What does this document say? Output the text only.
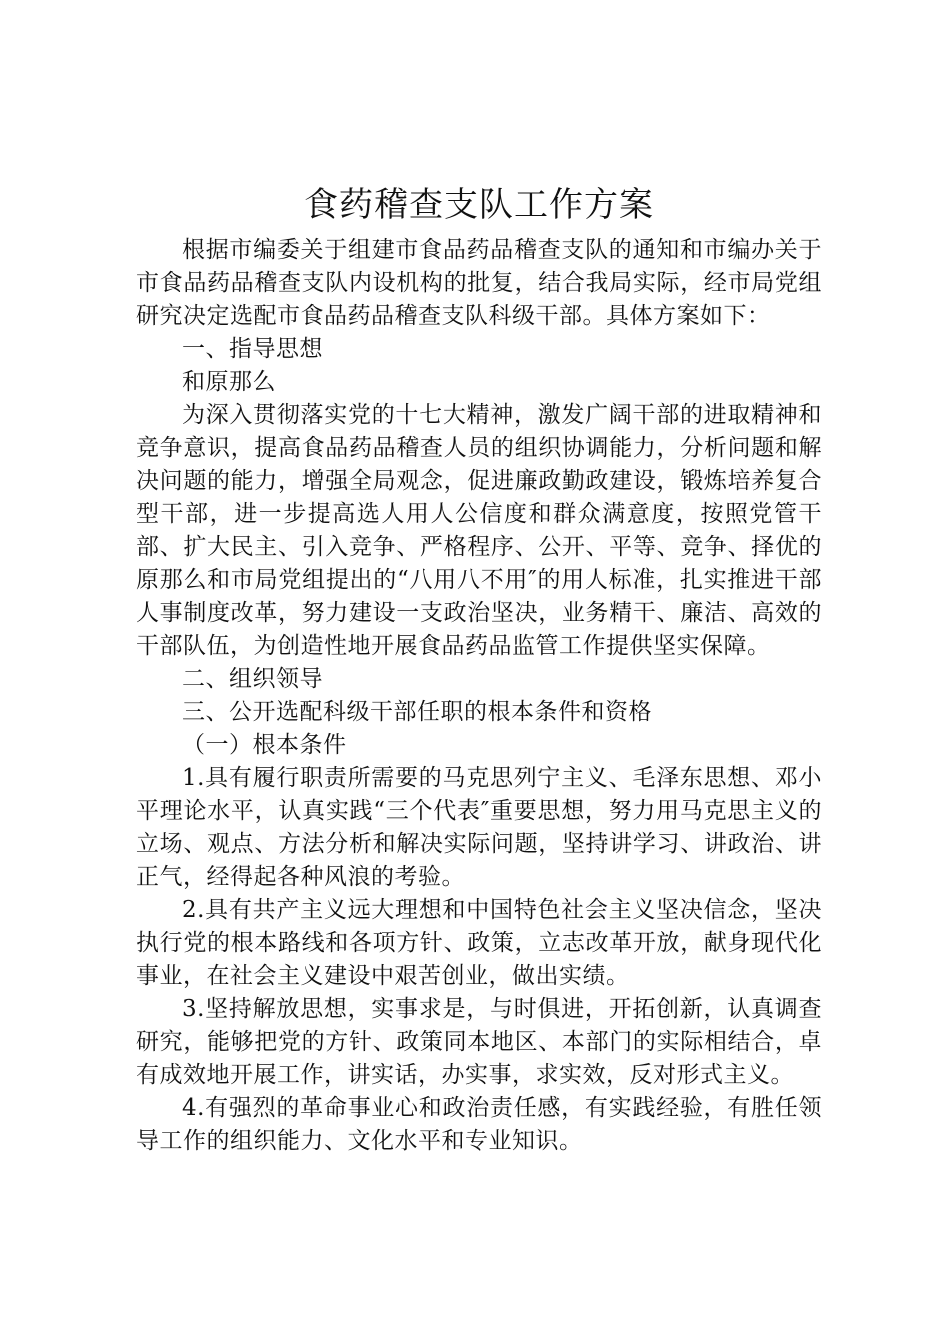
食药稽查支队工作方案

根据市编委关于组建市食品药品稽查支队的通知和市编办关于市食品药品稽查支队内设机构的批复，结合我局实际，经市局党组研究决定选配市食品药品稽查支队科级干部。具体方案如下：

一、指导思想

和原那么

为深入贯彻落实党的十七大精神，激发广阔干部的进取精神和竞争意识，提高食品药品稽查人员的组织协调能力，分析问题和解决问题的能力，增强全局观念，促进廉政勤政建设，锻炼培养复合型干部，进一步提高选人用人公信度和群众满意度，按照党管干部、扩大民主、引入竞争、严格程序、公开、平等、竞争、择优的原那么和市局党组提出的“八用八不用″的用人标准，扎实推进干部人事制度改革，努力建设一支政治坚决，业务精干、廉洁、高效的干部队伍，为创造性地开展食品药品监管工作提供坚实保障。

二、组织领导

三、公开选配科级干部任职的根本条件和资格

（一）根本条件

1.具有履行职责所需要的马克思列宁主义、毛泽东思想、邓小平理论水平，认真实践“三个代表″重要思想，努力用马克思主义的立场、观点、方法分析和解决实际问题，坚持讲学习、讲政治、讲正气，经得起各种风浪的考验。

2.具有共产主义远大理想和中国特色社会主义坚决信念，坚决执行党的根本路线和各项方针、政策，立志改革开放，献身现代化事业，在社会主义建设中艰苦创业，做出实绩。

3.坚持解放思想，实事求是，与时俱进，开拓创新，认真调查研究，能够把党的方针、政策同本地区、本部门的实际相结合，卓有成效地开展工作，讲实话，办实事，求实效，反对形式主义。

4.有强烈的革命事业心和政治责任感，有实践经验，有胜任领导工作的组织能力、文化水平和专业知识。
